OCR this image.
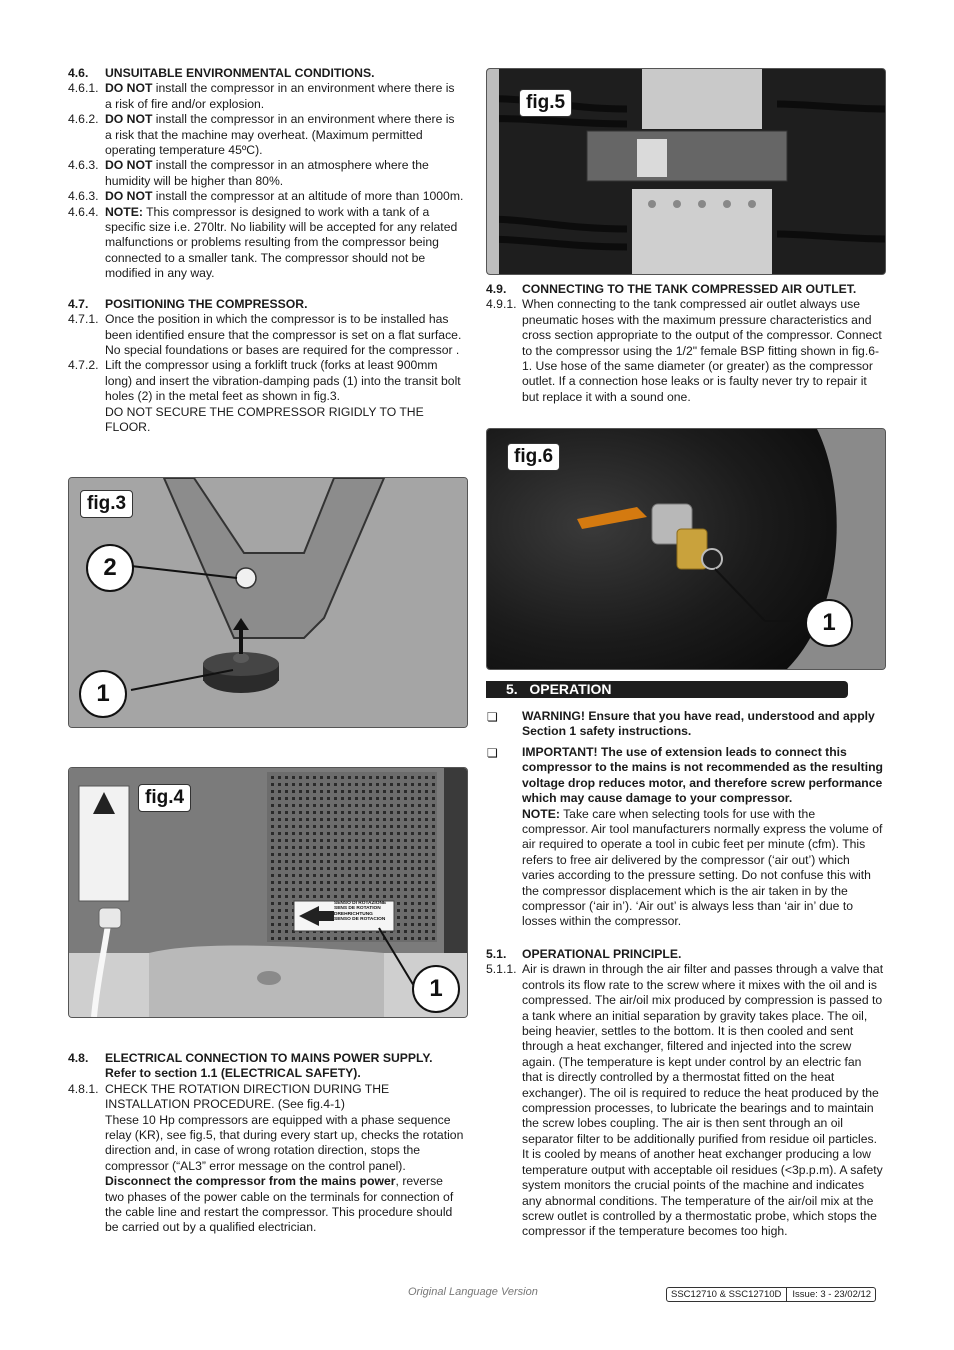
4.6.	UNSUITABLE ENVIRONMENTAL CONDITIONS.
4.6.1. DO NOT install the compressor in an environment where there is a risk of fire and/or explosion.
4.6.2. DO NOT install the compressor in an environment where there is a risk that the machine may overheat. (Maximum permitted operating temperature 45ºC).
4.6.3. DO NOT install the compressor in an atmosphere where the humidity will be higher than 80%.
4.6.3. DO NOT install the compressor at an altitude of more than 1000m.
4.6.4. NOTE: This compressor is designed to work with a tank of a specific size i.e. 270ltr. No liability will be accepted for any related malfunctions or problems resulting from the compressor being connected to a smaller tank. The compressor should not be modified in any way.
4.7.	POSITIONING THE COMPRESSOR.
4.7.1. Once the position in which the compressor is to be installed has been identified ensure that the compressor is set on a flat surface. No special foundations or bases are required for the compressor .
4.7.2. Lift the compressor using a forklift truck (forks at least 900mm long) and insert the vibration-damping pads (1) into the transit bolt holes (2) in the metal feet as shown in fig.3.
DO NOT SECURE THE COMPRESSOR RIGIDLY TO THE FLOOR.
fig.3
2
1
SENSO DI ROTAZIONE
SENS DE ROTATION
DREHRICHTUNG
SENSO DE ROTACION
fig.4
1
4.8.	ELECTRICAL CONNECTION TO MAINS POWER SUPPLY.
Refer to section 1.1 (ELECTRICAL SAFETY).
4.8.1. CHECK THE ROTATION DIRECTION DURING THE INSTALLATION PROCEDURE. (See fig.4-1)
These 10 Hp compressors are equipped with a phase sequence relay (KR), see fig.5, that during every start up, checks the rotation direction and, in case of wrong rotation direction, stops the compressor (“AL3” error message on the control panel). Disconnect the compressor from the mains power, reverse two phases of the power cable on the terminals for connection of the cable line and restart the compressor. This procedure should be carried out by a qualified electrician.
fig.5
4.9.	CONNECTING TO THE TANK COMPRESSED AIR OUTLET.
4.9.1. When connecting to the tank compressed air outlet always use pneumatic hoses with the maximum pressure characteristics and cross section appropriate to the output of the compressor. Connect to the compressor using the 1/2" female BSP fitting shown in fig.6-1. Use hose of the same diameter (or greater) as the compressor outlet. If a connection hose leaks or is faulty never try to repair it but replace it with a sound one.
fig.6
1
5.   OPERATION
❏ WARNING! Ensure that you have read, understood and apply Section 1 safety instructions.
❏ IMPORTANT! The use of extension leads to connect this compressor to the mains is not recommended as the resulting voltage drop reduces motor, and therefore screw performance which may cause damage to your compressor.
NOTE: Take care when selecting tools for use with the compressor. Air tool manufacturers normally express the volume of air required to operate a tool in cubic feet per minute (cfm). This refers to free air delivered by the compressor (‘air out’) which varies according to the pressure setting. Do not confuse this with the compressor displacement which is the air taken in by the compressor (‘air in’). ‘Air out’ is always less than ‘air in’ due to losses within the compressor.
5.1.	OPERATIONAL PRINCIPLE.
5.1.1. Air is drawn in through the air filter and passes through a valve that controls its flow rate to the screw where it mixes with the oil and is compressed. The air/oil mix produced by compression is passed to a tank where an initial separation by gravity takes place. The oil, being heavier, settles to the bottom. It is then cooled and sent through a heat exchanger, filtered and injected into the screw again. (The temperature is kept under control by an electric fan that is directly controlled by a thermostat fitted on the heat exchanger). The oil is required to reduce the heat produced by the compression processes, to lubricate the bearings and to maintain the screw lobes coupling. The air is then sent through an oil separator filter to be additionally purified from residue oil particles. It is cooled by means of another heat exchanger producing a low temperature output with acceptable oil residues (<3p.p.m). A safety system monitors the crucial points of the machine and indicates any abnormal conditions. The temperature of the air/oil mix at the screw outlet is controlled by a thermostatic probe, which stops the compressor if the temperature becomes too high.
Original Language Version	SSC12710 & SSC12710D Issue: 3 - 23/02/12
